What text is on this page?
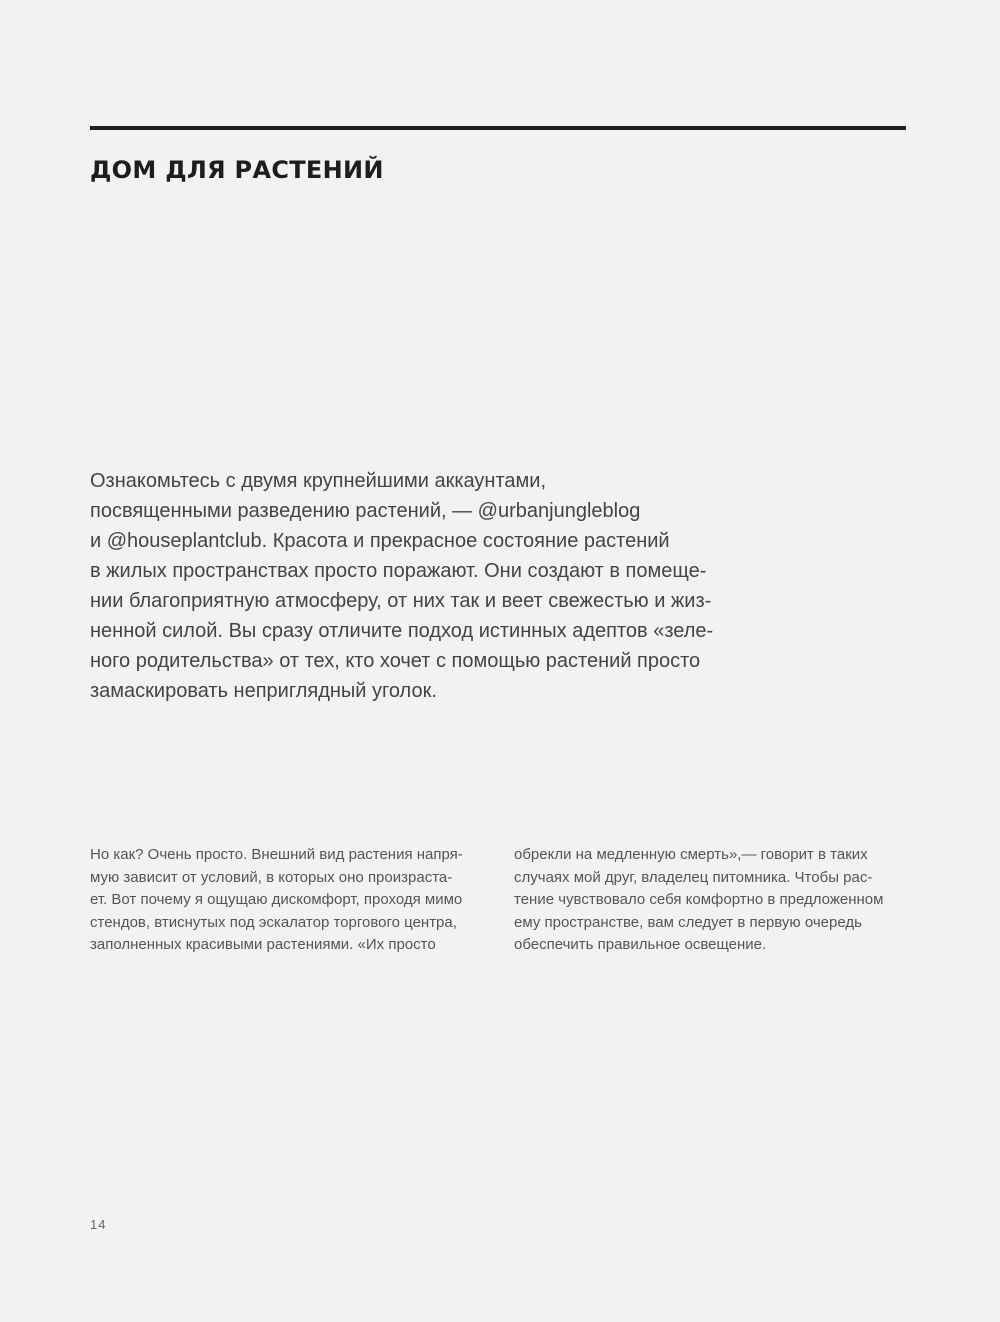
ДОМ ДЛЯ РАСТЕНИЙ
Ознакомьтесь с двумя крупнейшими аккаунтами,
посвященными разведению растений, — @urbanjungleblog
и @houseplantclub. Красота и прекрасное состояние растений
в жилых пространствах просто поражают. Они создают в помеще-
нии благоприятную атмосферу, от них так и веет свежестью и жиз-
ненной силой. Вы сразу отличите подход истинных адептов «зеле-
ного родительства» от тех, кто хочет с помощью растений просто
замаскировать неприглядный уголок.
Но как? Очень просто. Внешний вид растения напря-
мую зависит от условий, в которых оно произраста-
ет. Вот почему я ощущаю дискомфорт, проходя мимо
стендов, втиснутых под эскалатор торгового центра,
заполненных красивыми растениями. «Их просто
обрекли на медленную смерть»,— говорит в таких
случаях мой друг, владелец питомника. Чтобы рас-
тение чувствовало себя комфортно в предложенном
ему пространстве, вам следует в первую очередь
обеспечить правильное освещение.
14
